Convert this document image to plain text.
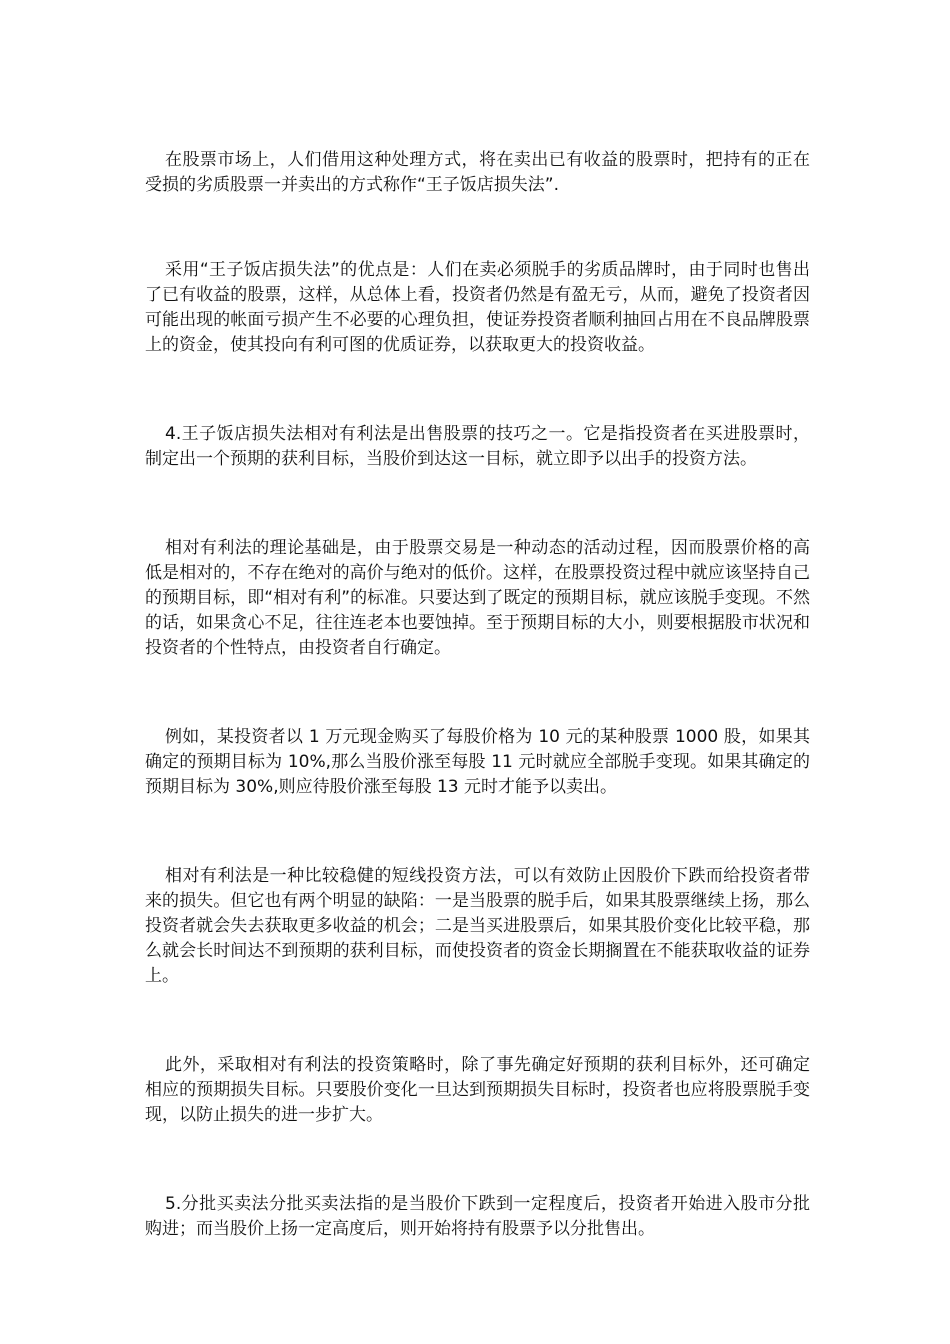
在股票市场上，人们借用这种处理方式，将在卖出已有收益的股票时，把持有的正在受损的劣质股票一并卖出的方式称作“王子饭店损失法”.

采用“王子饭店损失法”的优点是：人们在卖必须脱手的劣质品牌时，由于同时也售出了已有收益的股票，这样，从总体上看，投资者仍然是有盈无亏，从而，避免了投资者因可能出现的帐面亏损产生不必要的心理负担，使证券投资者顺利抽回占用在不良品牌股票上的资金，使其投向有利可图的优质证券，以获取更大的投资收益。

4.王子饭店损失法相对有利法是出售股票的技巧之一。它是指投资者在买进股票时，制定出一个预期的获利目标，当股价到达这一目标，就立即予以出手的投资方法。

相对有利法的理论基础是，由于股票交易是一种动态的活动过程，因而股票价格的高低是相对的，不存在绝对的高价与绝对的低价。这样，在股票投资过程中就应该坚持自己的预期目标，即“相对有利”的标准。只要达到了既定的预期目标，就应该脱手变现。不然的话，如果贪心不足，往往连老本也要蚀掉。至于预期目标的大小，则要根据股市状况和投资者的个性特点，由投资者自行确定。

例如，某投资者以 1 万元现金购买了每股价格为 10 元的某种股票 1000 股，如果其确定的预期目标为 10%,那么当股价涨至每股 11 元时就应全部脱手变现。如果其确定的预期目标为 30%,则应待股价涨至每股 13 元时才能予以卖出。

相对有利法是一种比较稳健的短线投资方法，可以有效防止因股价下跌而给投资者带来的损失。但它也有两个明显的缺陷：一是当股票的脱手后，如果其股票继续上扬，那么投资者就会失去获取更多收益的机会；二是当买进股票后，如果其股价变化比较平稳，那么就会长时间达不到预期的获利目标，而使投资者的资金长期搁置在不能获取收益的证券上。

此外，采取相对有利法的投资策略时，除了事先确定好预期的获利目标外，还可确定相应的预期损失目标。只要股价变化一旦达到预期损失目标时，投资者也应将股票脱手变现，以防止损失的进一步扩大。

5.分批买卖法分批买卖法指的是当股价下跌到一定程度后，投资者开始进入股市分批购进；而当股价上扬一定高度后，则开始将持有股票予以分批售出。
